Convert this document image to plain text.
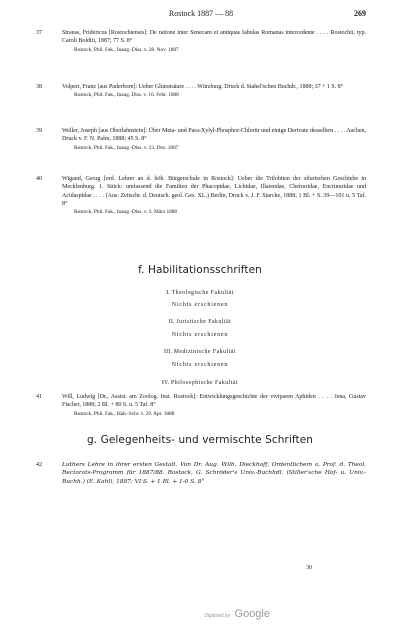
Rostock 1887 — 88	269
37	Strauss, Fridericus [Rostochiensis]: De ratione inter Senecam et antiquas fabulas Romanas intercedente . . . . Rostochii, typ. Caroli Boldtii, 1887; 77 S. 8°
Rostock, Phil. Fak., Inaug.-Diss. v. 28. Nov. 1887
38	Volpert, Franz [aus Paderborn]: Ueber Glutonsäure . . . . Würzburg. Druck d. Stahel'schen Buchdr., 1888; 37 + 1 S. 8°
Rostock, Phil. Fak., Inaug. Diss. v. 10. Febr. 1888
39	Weller, Joseph [aus Oberlahnstein]: Über Meta- und Para-Xylyl-Phosphor-Chlorür und einige Derivate desselben . . . . Aachen, Druck v. F. N. Palm, 1888; 45 S. 8°
Rostock, Phil. Fak., Inaug.-Diss. v. 23. Dez. 1887
40	Wigand, Georg [ord. Lehrer an d. höh. Bürgerschule in Rostock]: Ueber die Trilobiten der silurischen Geschiebe in Mecklenburg. 1. Stück: umfassend die Familien der Phacopidae, Lichidae, Illaenidae, Cheiruridae, Encrinuridae und Acidaspidae . . . . (Aus: Zeitschr. d. Deutsch. geol. Ges. XL.) Berlin, Druck v. J. F. Starcke, 1888; 1 Bl. + S. 39—101 u. 5 Taf. 8°
Rostock, Phil. Fak., Inaug.-Diss. v. 3. März 1888
f. Habilitationsschriften
I. Theologische Fakultät
Nichts erschienen
II. Juristische Fakultät
Nichts erschienen
III. Medizinische Fakultät
Nichts erschienen
IV. Philosophische Fakultät
41	Will, Ludwig [Dr., Assist. am Zoolog. Inst. Rostock]: Entwicklungsgeschichte der viviparen Aphiden . . . . Jena, Gustav Fischer, 1888; 2 Bl. + 80 S. u. 5 Taf. 8°
Rostock, Phil. Fak., Hab.-Schr. v. 29. Apr. 1888
g. Gelegenheits- und vermischte Schriften
42	Luthers Lehre in ihrer ersten Gestalt. Von Dr. Aug. Wilh. Dieckhoff, Ordentlichem o. Prof. d. Theol. Rectorats-Programm für 1887/88. Rostock, G. Schröder's Univ.-Buchhdl. (Stiller'sche Hof- u. Univ.-Buchh.) (E. Kahl), 1887; VI S. + 1 Bl. + 1-0 S. 8°
30
Digitized by Google
